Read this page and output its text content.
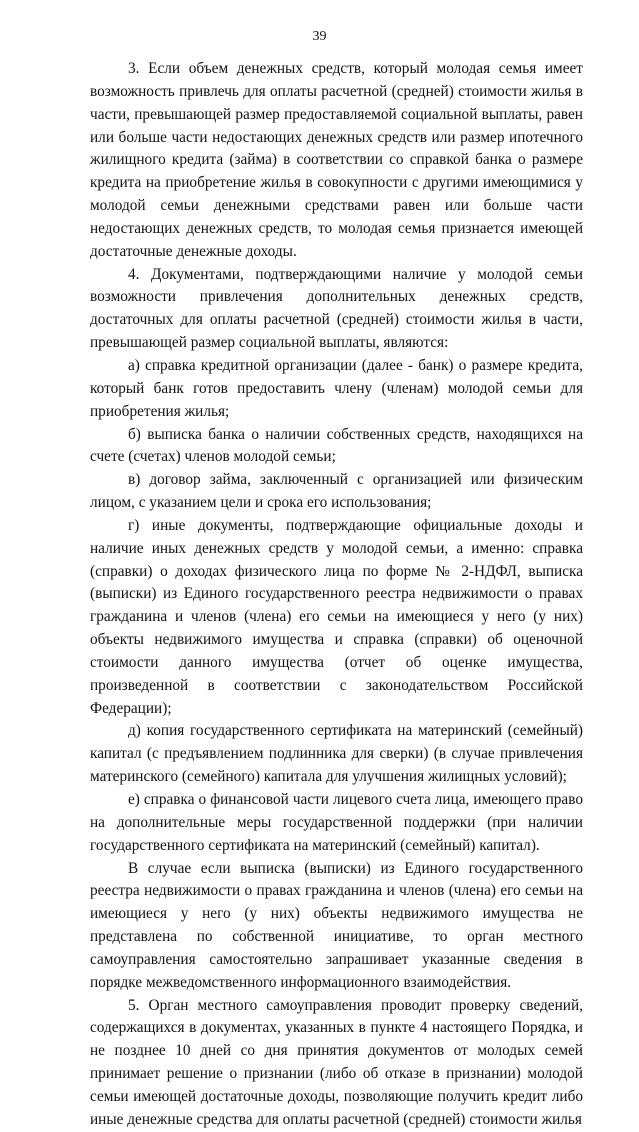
39

3. Если объем денежных средств, который молодая семья имеет возможность привлечь для оплаты расчетной (средней) стоимости жилья в части, превышающей размер предоставляемой социальной выплаты, равен или больше части недостающих денежных средств или размер ипотечного жилищного кредита (займа) в соответствии со справкой банка о размере кредита на приобретение жилья в совокупности с другими имеющимися у молодой семьи денежными средствами равен или больше части недостающих денежных средств, то молодая семья признается имеющей достаточные денежные доходы.

4. Документами, подтверждающими наличие у молодой семьи возможности привлечения дополнительных денежных средств, достаточных для оплаты расчетной (средней) стоимости жилья в части, превышающей размер социальной выплаты, являются:

а) справка кредитной организации (далее - банк) о размере кредита, который банк готов предоставить члену (членам) молодой семьи для приобретения жилья;

б) выписка банка о наличии собственных средств, находящихся на счете (счетах) членов молодой семьи;

в) договор займа, заключенный с организацией или физическим лицом, с указанием цели и срока его использования;

г) иные документы, подтверждающие официальные доходы и наличие иных денежных средств у молодой семьи, а именно: справка (справки) о доходах физического лица по форме № 2-НДФЛ, выписка (выписки) из Единого государственного реестра недвижимости о правах гражданина и членов (члена) его семьи на имеющиеся у него (у них) объекты недвижимого имущества и справка (справки) об оценочной стоимости данного имущества (отчет об оценке имущества, произведенной в соответствии с законодательством Российской Федерации);

д) копия государственного сертификата на материнский (семейный) капитал (с предъявлением подлинника для сверки) (в случае привлечения материнского (семейного) капитала для улучшения жилищных условий);

е) справка о финансовой части лицевого счета лица, имеющего право на дополнительные меры государственной поддержки (при наличии государственного сертификата на материнский (семейный) капитал).

В случае если выписка (выписки) из Единого государственного реестра недвижимости о правах гражданина и членов (члена) его семьи на имеющиеся у него (у них) объекты недвижимого имущества не представлена по собственной инициативе, то орган местного самоуправления самостоятельно запрашивает указанные сведения в порядке межведомственного информационного взаимодействия.

5. Орган местного самоуправления проводит проверку сведений, содержащихся в документах, указанных в пункте 4 настоящего Порядка, и не позднее 10 дней со дня принятия документов от молодых семей принимает решение о признании (либо об отказе в признании) молодой семьи имеющей достаточные доходы, позволяющие получить кредит либо иные денежные средства для оплаты расчетной (средней) стоимости жилья
